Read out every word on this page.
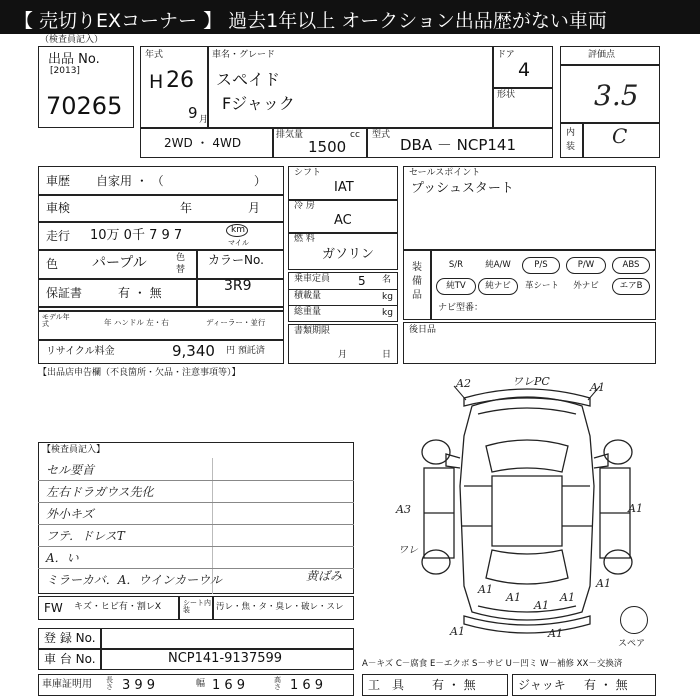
【 売切りEXコーナー 】 過去1年以上 オークション出品歴がない車両
（検査員記入）
出品 No.
[2013]
70265
年式
H 26
9 月
車名・グレード
スペイド
Fジャック
ドア
4
形状
評価点
3.5
内装 C
2WD ・ 4WD
排気量	cc
1500
型式
DBA － NCP141
車歴 自家用 ・ （	）
車検	年	月
走行 10万 0千 7 9 7	km
マイル
色 パープル	色替
カラーNo.
3R9
保証書	有 ・ 無
モデル年式	年 ハンドル 左・右	ディーラー・並行
リサイクル料金	9,340 円 預託済
シフト
IAT
冷 房
AC
燃 料
ガソリン
乗車定員 5 名
積載量	kg
総重量	kg
書類期限
月	日
セールスポイント
プッシュスタート
装備品
S/R	純A/W	P/S	P/W	ABS
純TV	純ナビ	革シート	外ナビ	エアB
ナビ型番：
後日品
【出品店申告欄（不良箇所・欠品・注意事項等）】
【検査員記入】
セル要首
左右ドラガウス先化
外小キズ
フテ．ドレスT
A．い
ミラーカバ．A．ウインカーウル	黄ばみ
FW キズ・ヒビ有・割レX	シート内装	汚レ・焦・タ・臭レ・破レ・スレ
登 録 No.
車 台 No.	NCP141-9137599
車庫証明用 長さ 3 9 9	幅 1 6 9	高さ 1 6 9
A－キズ C－腐食 E－エクボ S－サビ U－凹ミ W－補修 XX－交換済
工　具 有 ・ 無	ジャッキ 有 ・ 無
スペア
A2	ワレPC	A1
A1
A3
A1
A1
A1
A1
A1
A1
A1
ワレ
